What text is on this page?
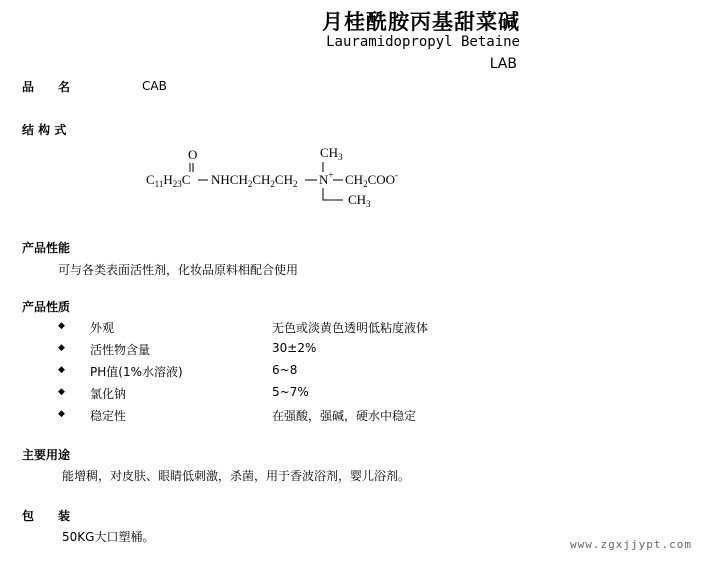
月桂酰胺丙基甜菜碱
Lauramidopropyl Betaine
LAB
品　　名	CAB
结 构 式
O
$C_{11}H_{23}C$ $NHCH_2CH_2CH_2$ N+
$CH_3$
$CH_2COO^-$
$CH_3$
产品性能
可与各类表面活性剂，化妆品原料相配合使用
产品性质
◆ 外观	无色或淡黄色透明低粘度液体
◆ 活性物含量	30±2%
◆ PH值(1%水溶液)	6~8
◆ 氯化钠	5~7%
◆ 稳定性	在强酸，强碱，硬水中稳定
主要用途
能增稠，对皮肤、眼睛低刺激，杀菌，用于香波浴剂，婴儿浴剂。
包　　装
50KG大口塑桶。
www.zgxjjypt.com
